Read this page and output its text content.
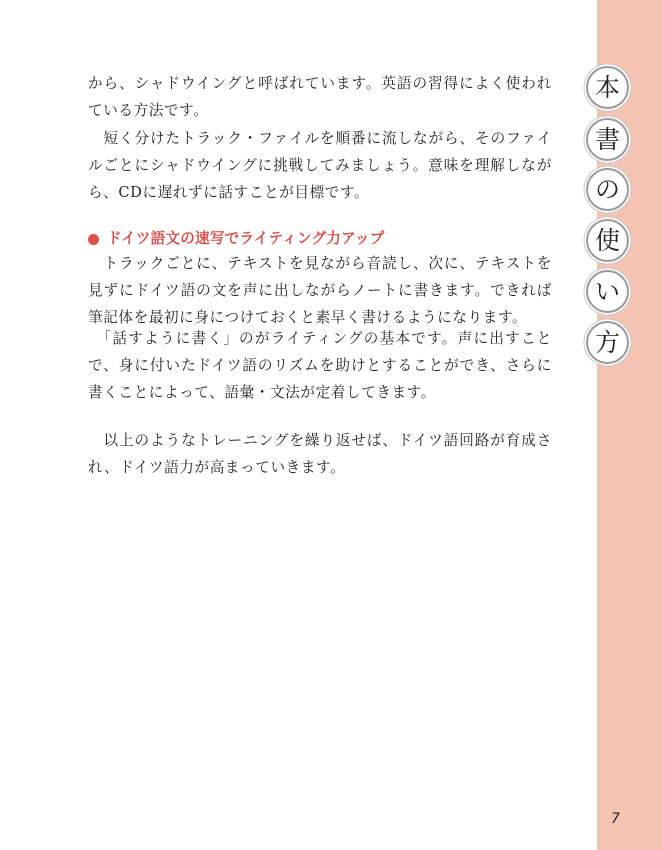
から、シャドウイングと呼ばれています。英語の習得によく使われている方法です。

　短く分けたトラック・ファイルを順番に流しながら、そのファイルごとにシャドウイングに挑戦してみましょう。意味を理解しながら、CDに遅れずに話すことが目標です。

ドイツ語文の速写でライティング力アップ

　トラックごとに、テキストを見ながら音読し、次に、テキストを見ずにドイツ語の文を声に出しながらノートに書きます。できれば筆記体を最初に身につけておくと素早く書けるようになります。

　「話すように書く」のがライティングの基本です。声に出すことで、身に付いたドイツ語のリズムを助けとすることができ、さらに書くことによって、語彙・文法が定着してきます。

　以上のようなトレーニングを繰り返せば、ドイツ語回路が育成され、ドイツ語力が高まっていきます。

本
書
の
使
い
方
7
